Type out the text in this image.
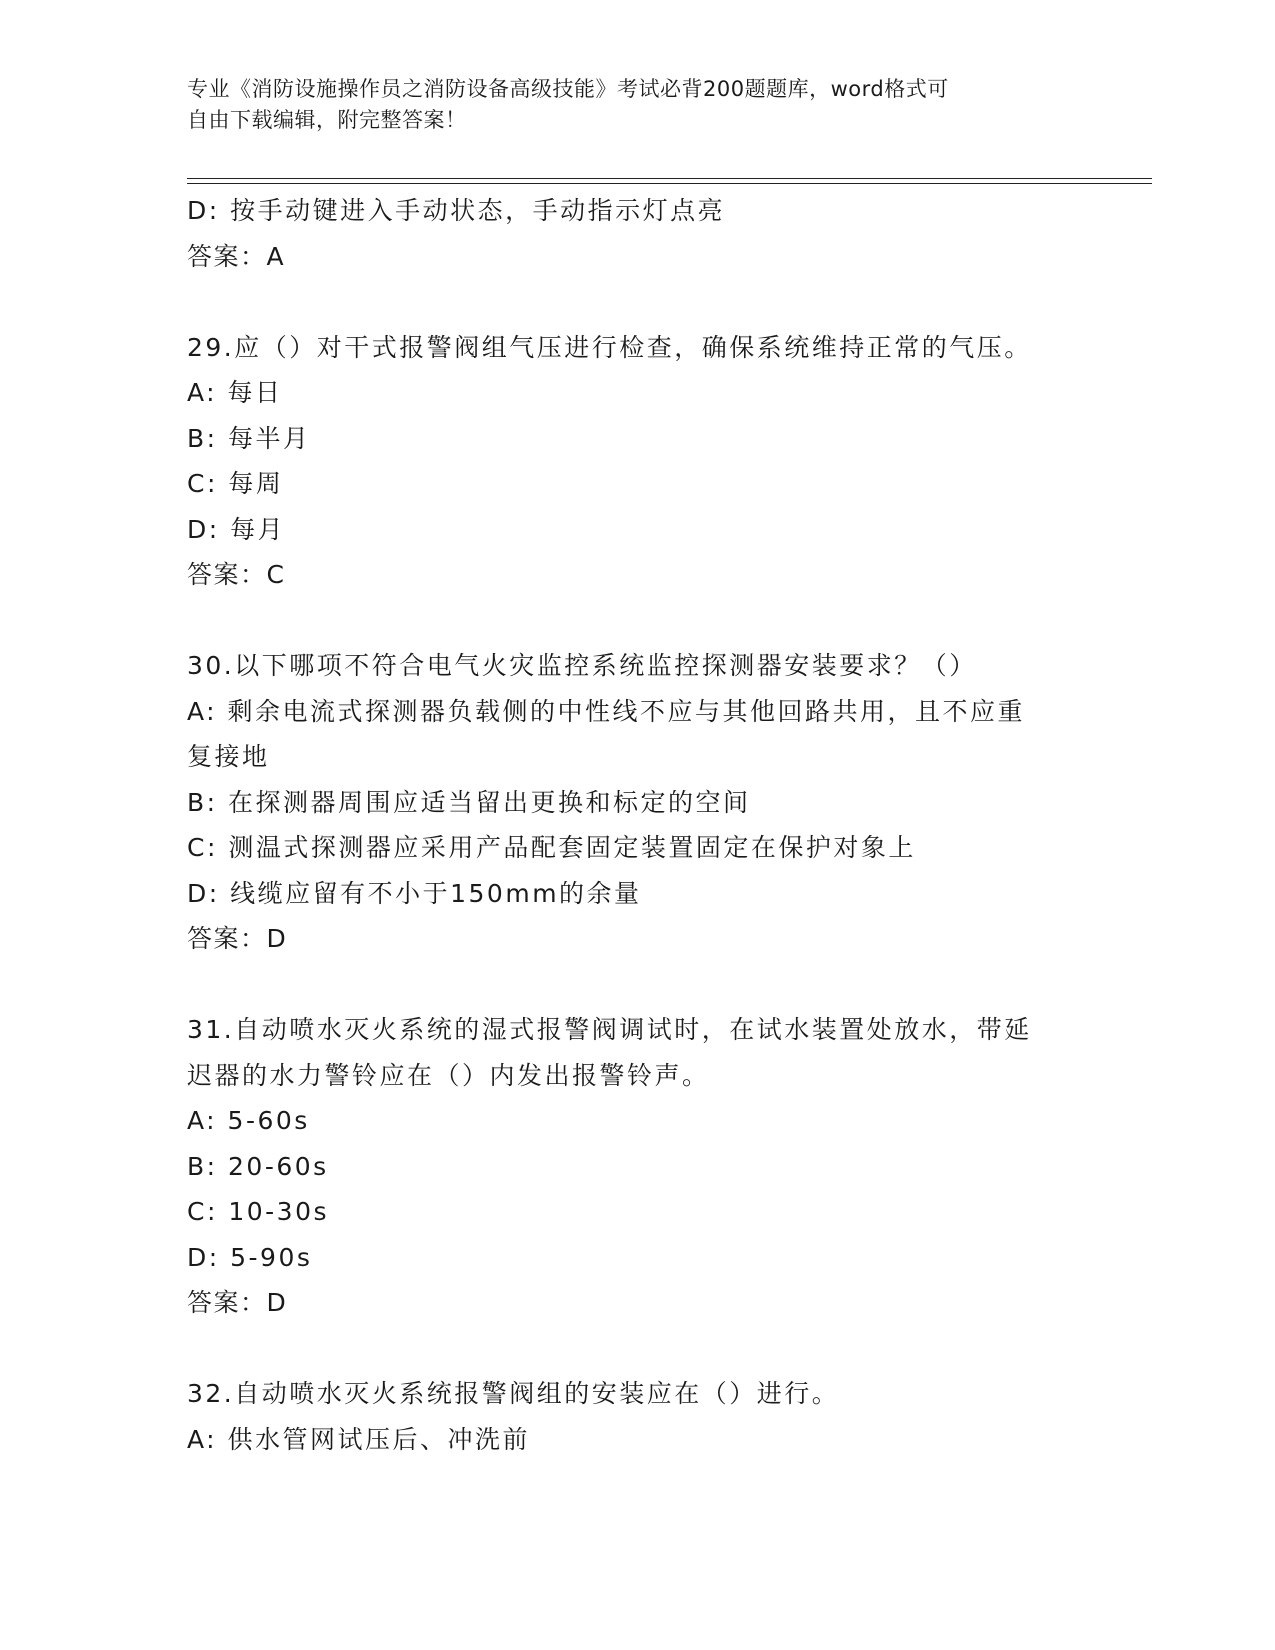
专业《消防设施操作员之消防设备高级技能》考试必背200题题库，word格式可
自由下载编辑，附完整答案！
D: 按手动键进入手动状态，手动指示灯点亮
答案：A
29.应（）对干式报警阀组气压进行检查，确保系统维持正常的气压。
A: 每日
B: 每半月
C: 每周
D: 每月
答案：C
30.以下哪项不符合电气火灾监控系统监控探测器安装要求？（）
A: 剩余电流式探测器负载侧的中性线不应与其他回路共用，且不应重
复接地
B: 在探测器周围应适当留出更换和标定的空间
C: 测温式探测器应采用产品配套固定装置固定在保护对象上
D: 线缆应留有不小于150mm的余量
答案：D
31.自动喷水灭火系统的湿式报警阀调试时，在试水装置处放水，带延
迟器的水力警铃应在（）内发出报警铃声。
A: 5-60s
B: 20-60s
C: 10-30s
D: 5-90s
答案：D
32.自动喷水灭火系统报警阀组的安装应在（）进行。
A: 供水管网试压后、冲洗前
